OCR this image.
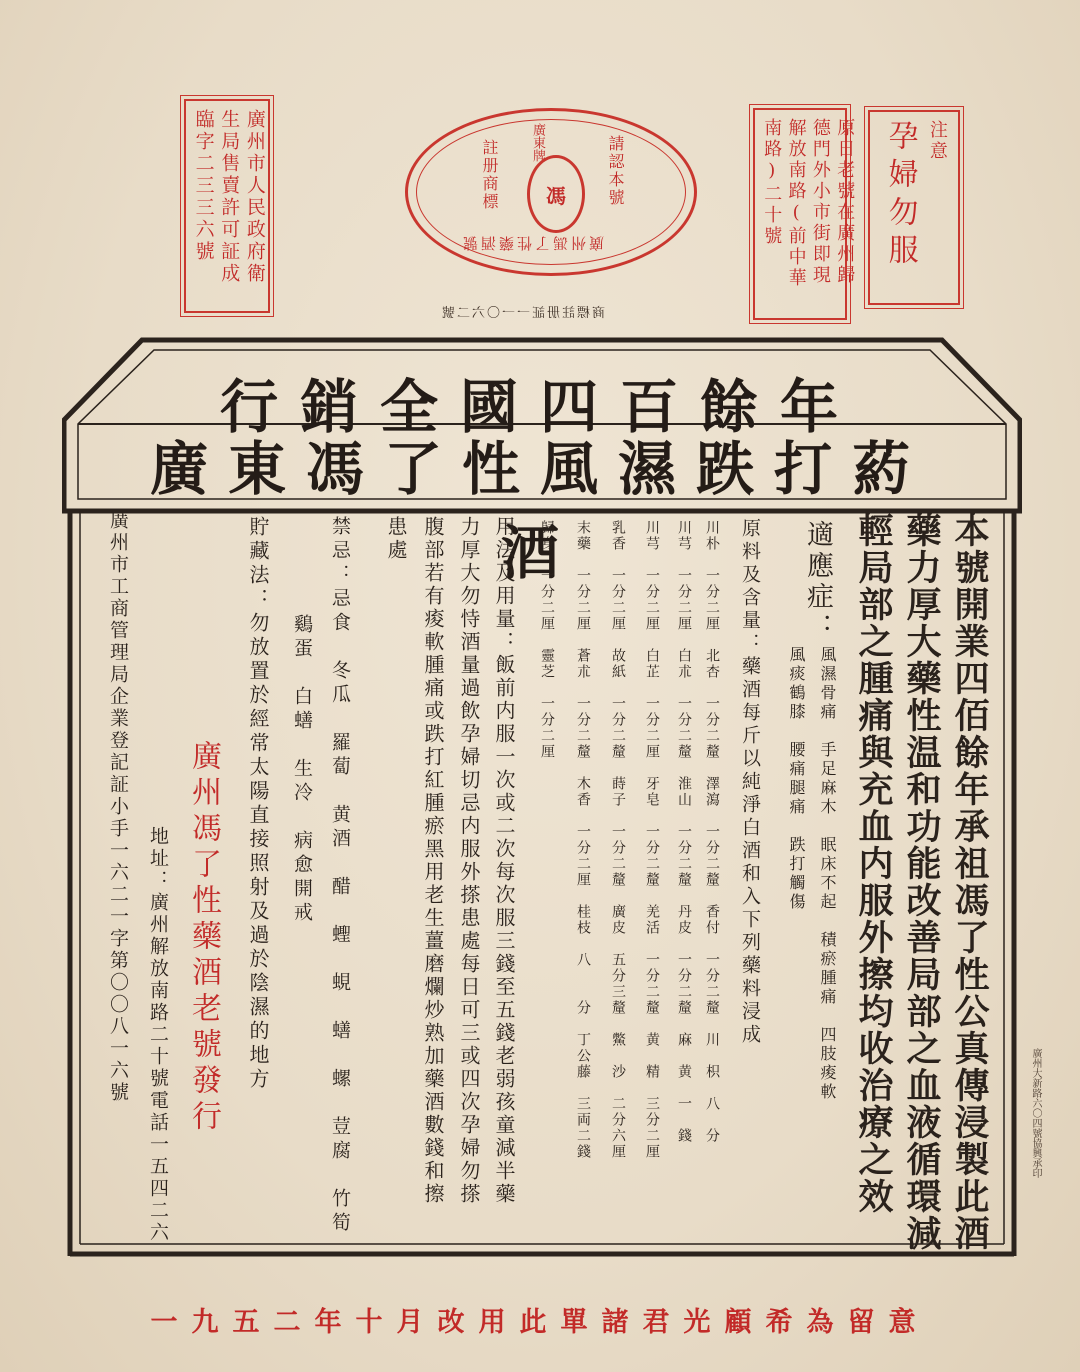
廣州市人民政府衛
生局售賣許可証成
臨字二三三六號	請認本號
註册商標 廣東牌
馮
廣州馮了性藥酒號
商標註册証一一〇六二號
原日老號在廣州歸
德門外小市街即現
解放南路(前中華
南路)二十號	注意
孕婦勿服
行銷全國四百餘年
廣東馮了性風濕跌打葯酒	本號開業四佰餘年承祖馮了性公真傳浸製此酒
藥力厚大藥性温和功能改善局部之血液循環減
輕局部之腫痛與充血内服外擦均收治療之效
適應症：
風濕骨痛　手足麻木　眠床不起　積瘀腫痛　四肢痠軟
風痰鶴膝　腰痛腿痛　跌打觸傷
原料及含量：藥酒每斤以純淨白酒和入下列藥料浸成
川朴　一分二厘　北杏　一分二釐　澤瀉　一分二釐　香付　一分二釐　川　枳　八　分
川芎　一分二厘　白朮　一分二釐　淮山　一分二釐　丹皮　一分二釐　麻　黄　一　錢
川芎　一分二厘　白芷　一分二厘　牙皂　一分二釐　羌活　一分二釐　黄　精　三分二厘
乳香　一分二厘　故紙　一分二釐　蒔子　一分二釐　廣皮　五分三釐　鱉　沙　二分六厘
末藥　一分二厘　蒼朮　一分二釐　木香　一分二厘　桂枝　八　　分　丁公藤　三両二錢
歸身　一分二厘　靈芝　一分二厘
用法及用量：飯前内服一次或二次每次服三錢至五錢老弱孩童減半藥
力厚大勿恃酒量過飲孕婦切忌内服外搽患處每日可三或四次孕婦勿搽
腹部若有痠軟腫痛或跌打紅腫瘀黑用老生薑磨爛炒熟加藥酒數錢和擦
患處
禁忌：忌食　冬瓜　羅蔔　黄酒　醋　蟶　蜆　蟮　螺　荳腐　竹筍
鷄蛋　白蟮　生冷　病愈開戒
貯藏法：勿放置於經常太陽直接照射及過於陰濕的地方
廣州馮了性藥酒老號發行
地址：廣州解放南路二十號電話一五四二六
廣州市工商管理局企業登記証小手一六二一字第〇〇八一六號
一九五二年十月改用此單諸君光顧希為留意
廣州大新路六〇四號協興承印
